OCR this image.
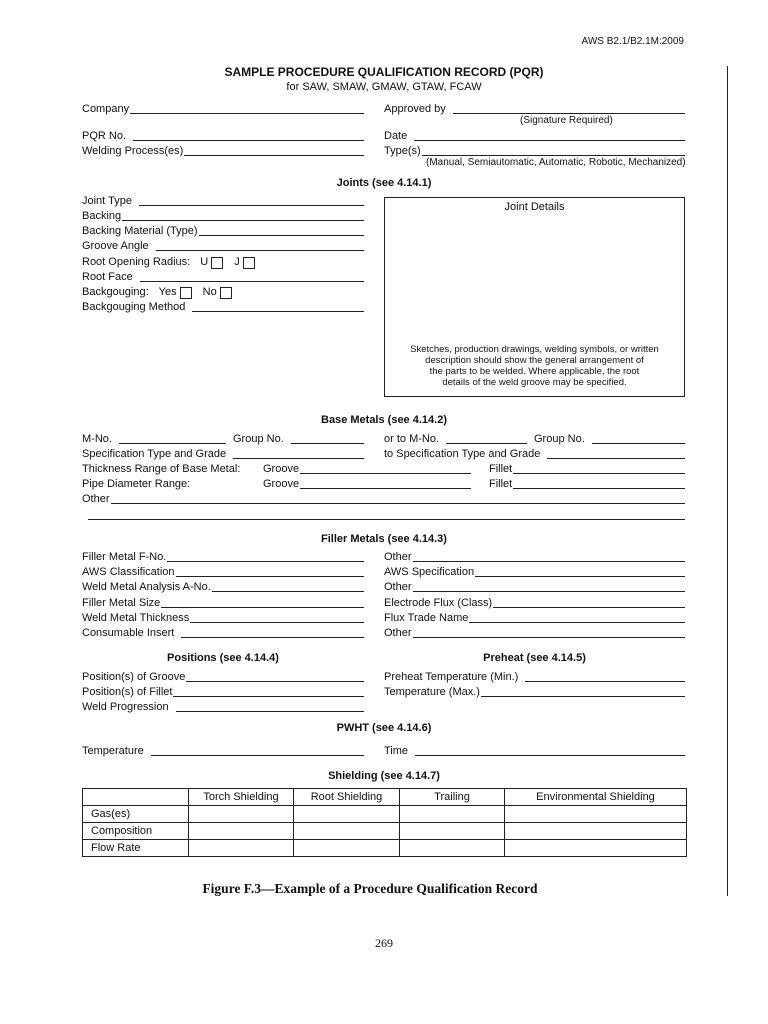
AWS B2.1/B2.1M:2009
SAMPLE PROCEDURE QUALIFICATION RECORD (PQR)
for SAW, SMAW, GMAW, GTAW, FCAW
Company	Approved by
(Signature Required)
PQR No.	Date
Welding Process(es)	Type(s)
(Manual, Semiautomatic, Automatic, Robotic, Mechanized)
Joints (see 4.14.1)
Joint Type
Backing
Backing Material (Type)
Groove Angle
Root Opening Radius: U J
Root Face
Backgouging: Yes No
Backgouging Method
Joint Details
Sketches, production drawings, welding symbols, or written
description should show the general arrangement of
the parts to be welded. Where applicable, the root
details of the weld groove may be specified.
Base Metals (see 4.14.2)
M-No.	Group No.	or to M-No.	Group No.
Specification Type and Grade	to Specification Type and Grade
Thickness Range of Base Metal: Groove	Fillet
Pipe Diameter Range:	Groove	Fillet
Other
Filler Metals (see 4.14.3)
Filler Metal F-No.	Other
AWS Classification	AWS Specification
Weld Metal Analysis A-No.	Other
Filler Metal Size	Electrode Flux (Class)
Weld Metal Thickness	Flux Trade Name
Consumable Insert	Other
Positions (see 4.14.4)	Preheat (see 4.14.5)
Position(s) of Groove	Preheat Temperature (Min.)
Position(s) of Fillet	Temperature (Max.)
Weld Progression
PWHT (see 4.14.6)
Temperature	Time
Shielding (see 4.14.7)
	Torch Shielding	Root Shielding	Trailing	Environmental Shielding
Gas(es)				
Composition				
Flow Rate				
Figure F.3—Example of a Procedure Qualification Record
269
